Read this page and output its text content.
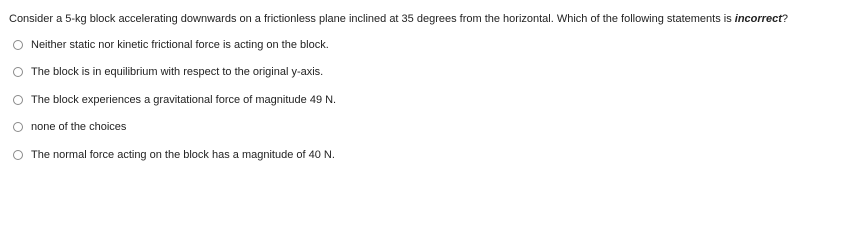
Consider a 5-kg block accelerating downwards on a frictionless plane inclined at 35 degrees from the horizontal. Which of the following statements is incorrect?
Neither static nor kinetic frictional force is acting on the block.
The block is in equilibrium with respect to the original y-axis.
The block experiences a gravitational force of magnitude 49 N.
none of the choices
The normal force acting on the block has a magnitude of 40 N.
